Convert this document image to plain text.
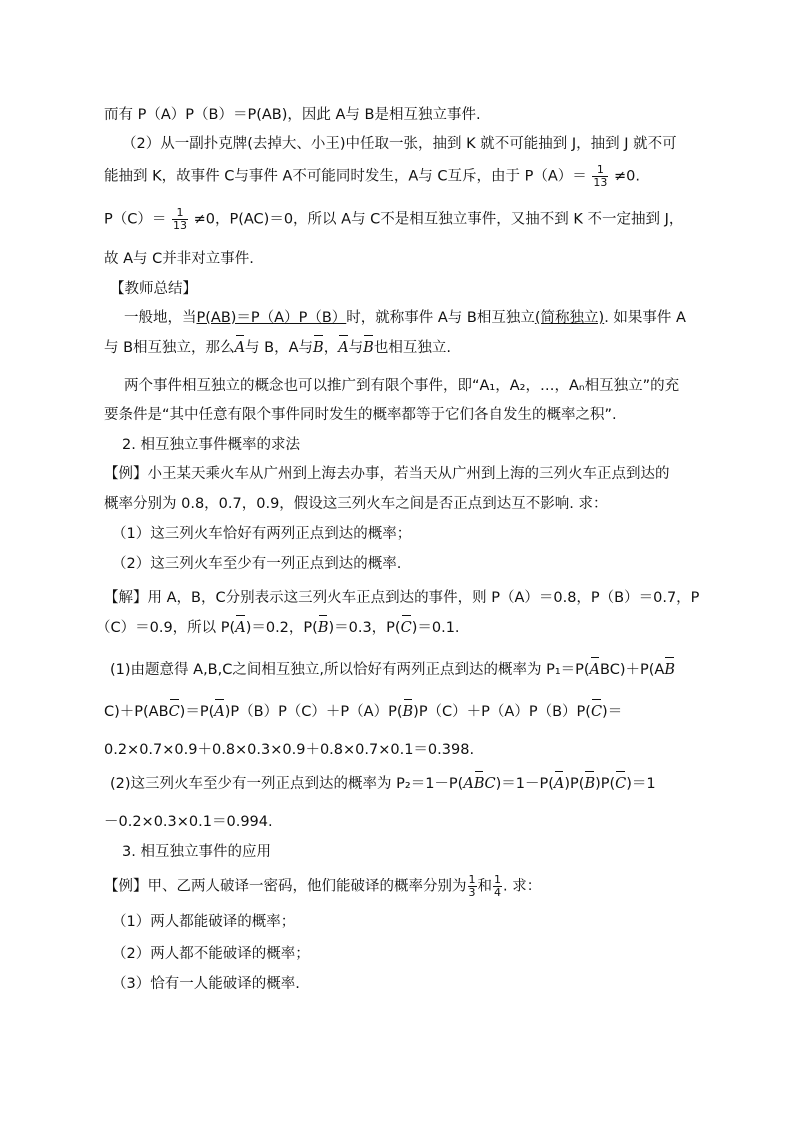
而有 P（A）P（B）＝P(AB)，因此 A与 B是相互独立事件.
（2）从一副扑克牌(去掉大、小王)中任取一张，抽到 K 就不可能抽到 J，抽到 J 就不可
能抽到 K，故事件 C与事件 A不可能同时发生，A与 C互斥，由于 $P(A)= \frac{1}{13} \ne 0$.
$P(C)= \frac{1}{13} \ne 0$，P(AC)＝0，所以 A与 C不是相互独立事件，又抽不到 K 不一定抽到 J，
故 A与 C并非对立事件.
【教师总结】
一般地，当P(AB)＝P（A）P（B）时，就称事件 A与 B相互独立(简称独立). 如果事件 A
与 B相互独立，那么A与 B，A与B，A与B也相互独立.
两个事件相互独立的概念也可以推广到有限个事件，即“A₁，A₂，…，Aₙ相互独立”的充
要条件是“其中任意有限个事件同时发生的概率都等于它们各自发生的概率之积”.
2. 相互独立事件概率的求法
【例】小王某天乘火车从广州到上海去办事，若当天从广州到上海的三列火车正点到达的
概率分别为 0.8，0.7，0.9，假设这三列火车之间是否正点到达互不影响. 求：
（1）这三列火车恰好有两列正点到达的概率；
（2）这三列火车至少有一列正点到达的概率.
【解】用 A，B，C分别表示这三列火车正点到达的事件，则 P（A）＝0.8，P（B）＝0.7，P
（C）＝0.9，所以 P(A)＝0.2，P(B)＝0.3，P(C)＝0.1.
(1)由题意得 A,B,C之间相互独立,所以恰好有两列正点到达的概率为 P₁＝P(ABC)＋P(AB
C)＋P(ABC)＝P(A)P（B）P（C）＋P（A）P(B)P（C）＋P（A）P（B）P(C)＝
0.2×0.7×0.9＋0.8×0.3×0.9＋0.8×0.7×0.1＝0.398.
(2)这三列火车至少有一列正点到达的概率为 P₂＝1－P(ABC)＝1－P(A)P(B)P(C)＝1
－0.2×0.3×0.1＝0.994.
3. 相互独立事件的应用
【例】甲、乙两人破译一密码，他们能破译的概率分别为 $\frac{1}{3}$ 和 $\frac{1}{4}$ . 求：
（1）两人都能破译的概率；
（2）两人都不能破译的概率；
（3）恰有一人能破译的概率.
